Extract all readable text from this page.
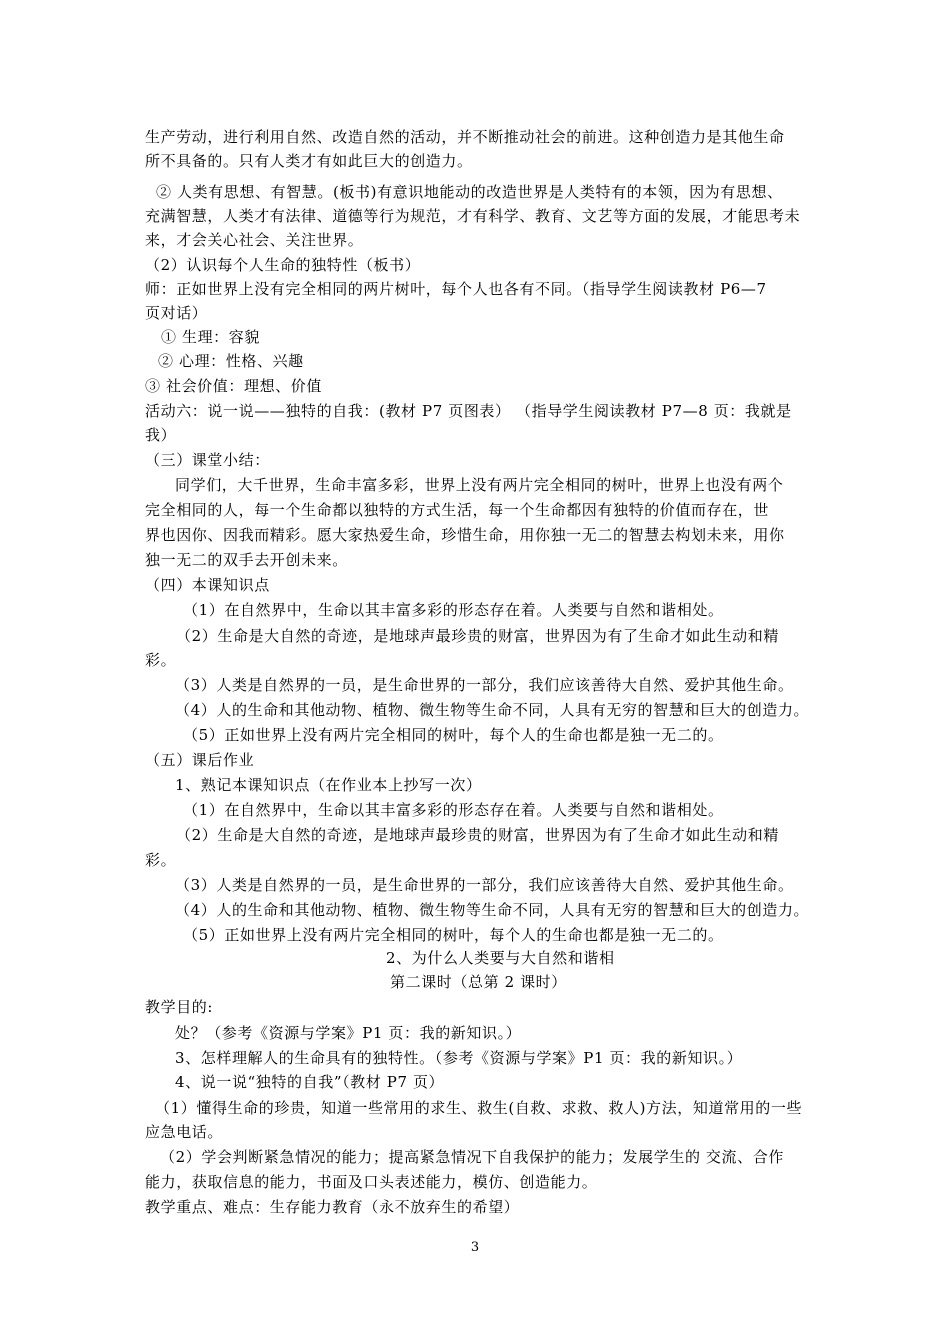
生产劳动，进行利用自然、改造自然的活动，并不断推动社会的前进。这种创造力是其他生命
所不具备的。只有人类才有如此巨大的创造力。
② 人类有思想、有智慧。(板书)有意识地能动的改造世界是人类特有的本领，因为有思想、
充满智慧，人类才有法律、道德等行为规范，才有科学、教育、文艺等方面的发展，才能思考未
来，才会关心社会、关注世界。
（2）认识每个人生命的独特性（板书）
师：正如世界上没有完全相同的两片树叶，每个人也各有不同。（指导学生阅读教材 P6—7
页对话）
① 生理：容貌
② 心理：性格、兴趣
③ 社会价值：理想、价值
活动六：说一说——独特的自我：(教材 P7 页图表） （指导学生阅读教材 P7—8 页：我就是
我）
（三）课堂小结：
同学们，大千世界，生命丰富多彩，世界上没有两片完全相同的树叶，世界上也没有两个
完全相同的人，每一个生命都以独特的方式生活，每一个生命都因有独特的价值而存在，世
界也因你、因我而精彩。愿大家热爱生命，珍惜生命，用你独一无二的智慧去构划未来，用你
独一无二的双手去开创未来。
（四）本课知识点
（1）在自然界中，生命以其丰富多彩的形态存在着。人类要与自然和谐相处。
（2）生命是大自然的奇迹，是地球声最珍贵的财富，世界因为有了生命才如此生动和精
彩。
（3）人类是自然界的一员，是生命世界的一部分，我们应该善待大自然、爱护其他生命。
（4）人的生命和其他动物、植物、微生物等生命不同，人具有无穷的智慧和巨大的创造力。
（5）正如世界上没有两片完全相同的树叶，每个人的生命也都是独一无二的。
（五）课后作业
1、熟记本课知识点（在作业本上抄写一次）
（1）在自然界中，生命以其丰富多彩的形态存在着。人类要与自然和谐相处。
（2）生命是大自然的奇迹，是地球声最珍贵的财富，世界因为有了生命才如此生动和精
彩。
（3）人类是自然界的一员，是生命世界的一部分，我们应该善待大自然、爱护其他生命。
（4）人的生命和其他动物、植物、微生物等生命不同，人具有无穷的智慧和巨大的创造力。
（5）正如世界上没有两片完全相同的树叶，每个人的生命也都是独一无二的。
2、为什么人类要与大自然和谐相
第二课时（总第 2 课时）
教学目的:
处？（参考《资源与学案》P1 页：我的新知识。）
3、怎样理解人的生命具有的独特性。（参考《资源与学案》P1 页：我的新知识。）
4、说一说“独特的自我”（教材 P7 页）
（1）懂得生命的珍贵，知道一些常用的求生、救生(自救、求救、救人)方法，知道常用的一些
应急电话。
（2）学会判断紧急情况的能力；提高紧急情况下自我保护的能力；发展学生的 交流、合作
能力，获取信息的能力，书面及口头表述能力，模仿、创造能力。
教学重点、难点：生存能力教育（永不放弃生的希望）
3
